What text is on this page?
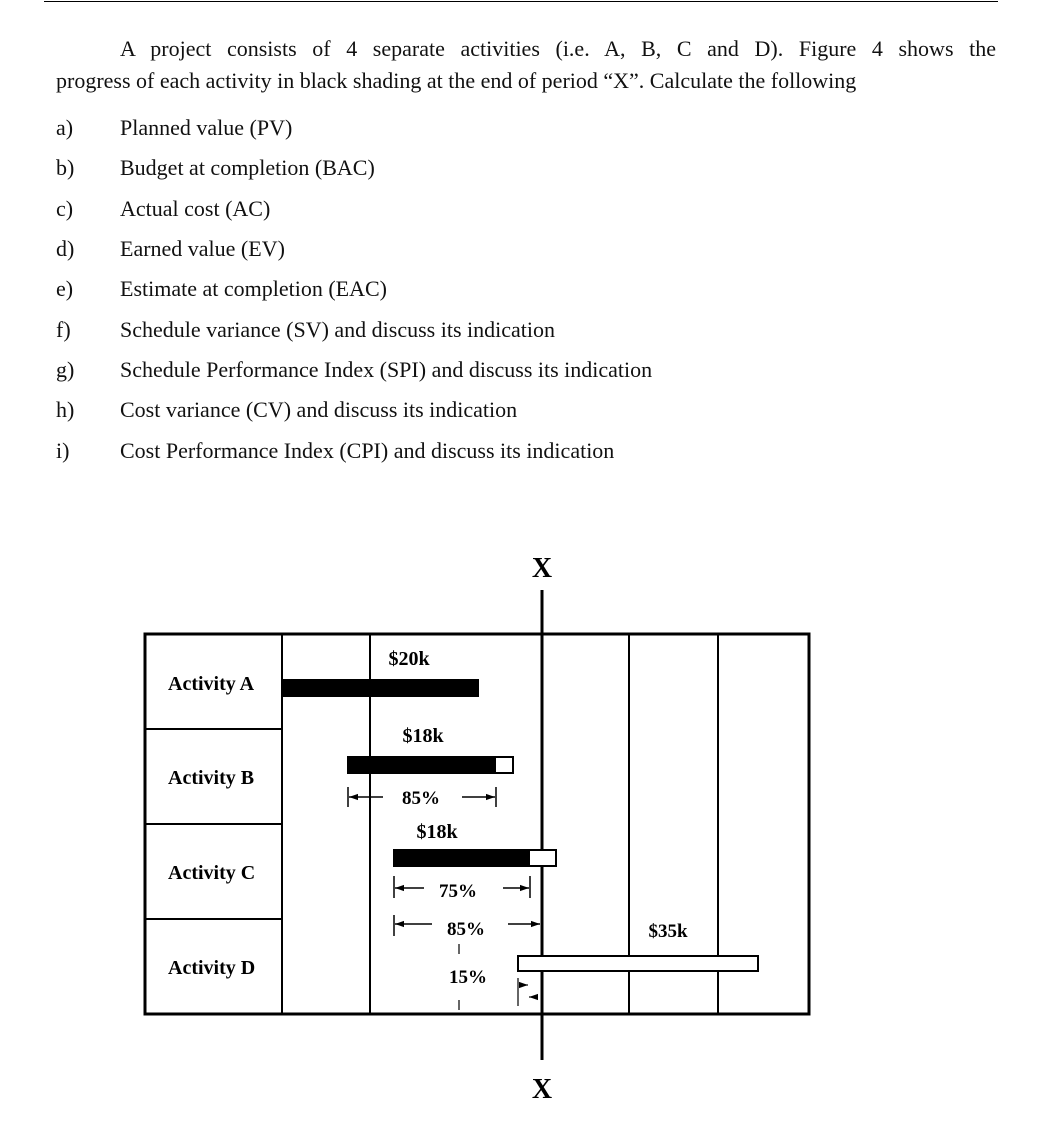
A project consists of 4 separate activities (i.e. A, B, C and D). Figure 4 shows the
progress of each activity in black shading at the end of period “X”. Calculate the following

a)	Planned value (PV)
b)	Budget at completion (BAC)
c)	Actual cost (AC)
d)	Earned value (EV)
e)	Estimate at completion (EAC)
f)	Schedule variance (SV) and discuss its indication
g)	Schedule Performance Index (SPI) and discuss its indication
h)	Cost variance (CV) and discuss its indication
i)	Cost Performance Index (CPI) and discuss its indication
X
X
Activity A
Activity B
Activity C
Activity D
$20k
$18k
85%
$18k
75%
85%	$35k
15%
